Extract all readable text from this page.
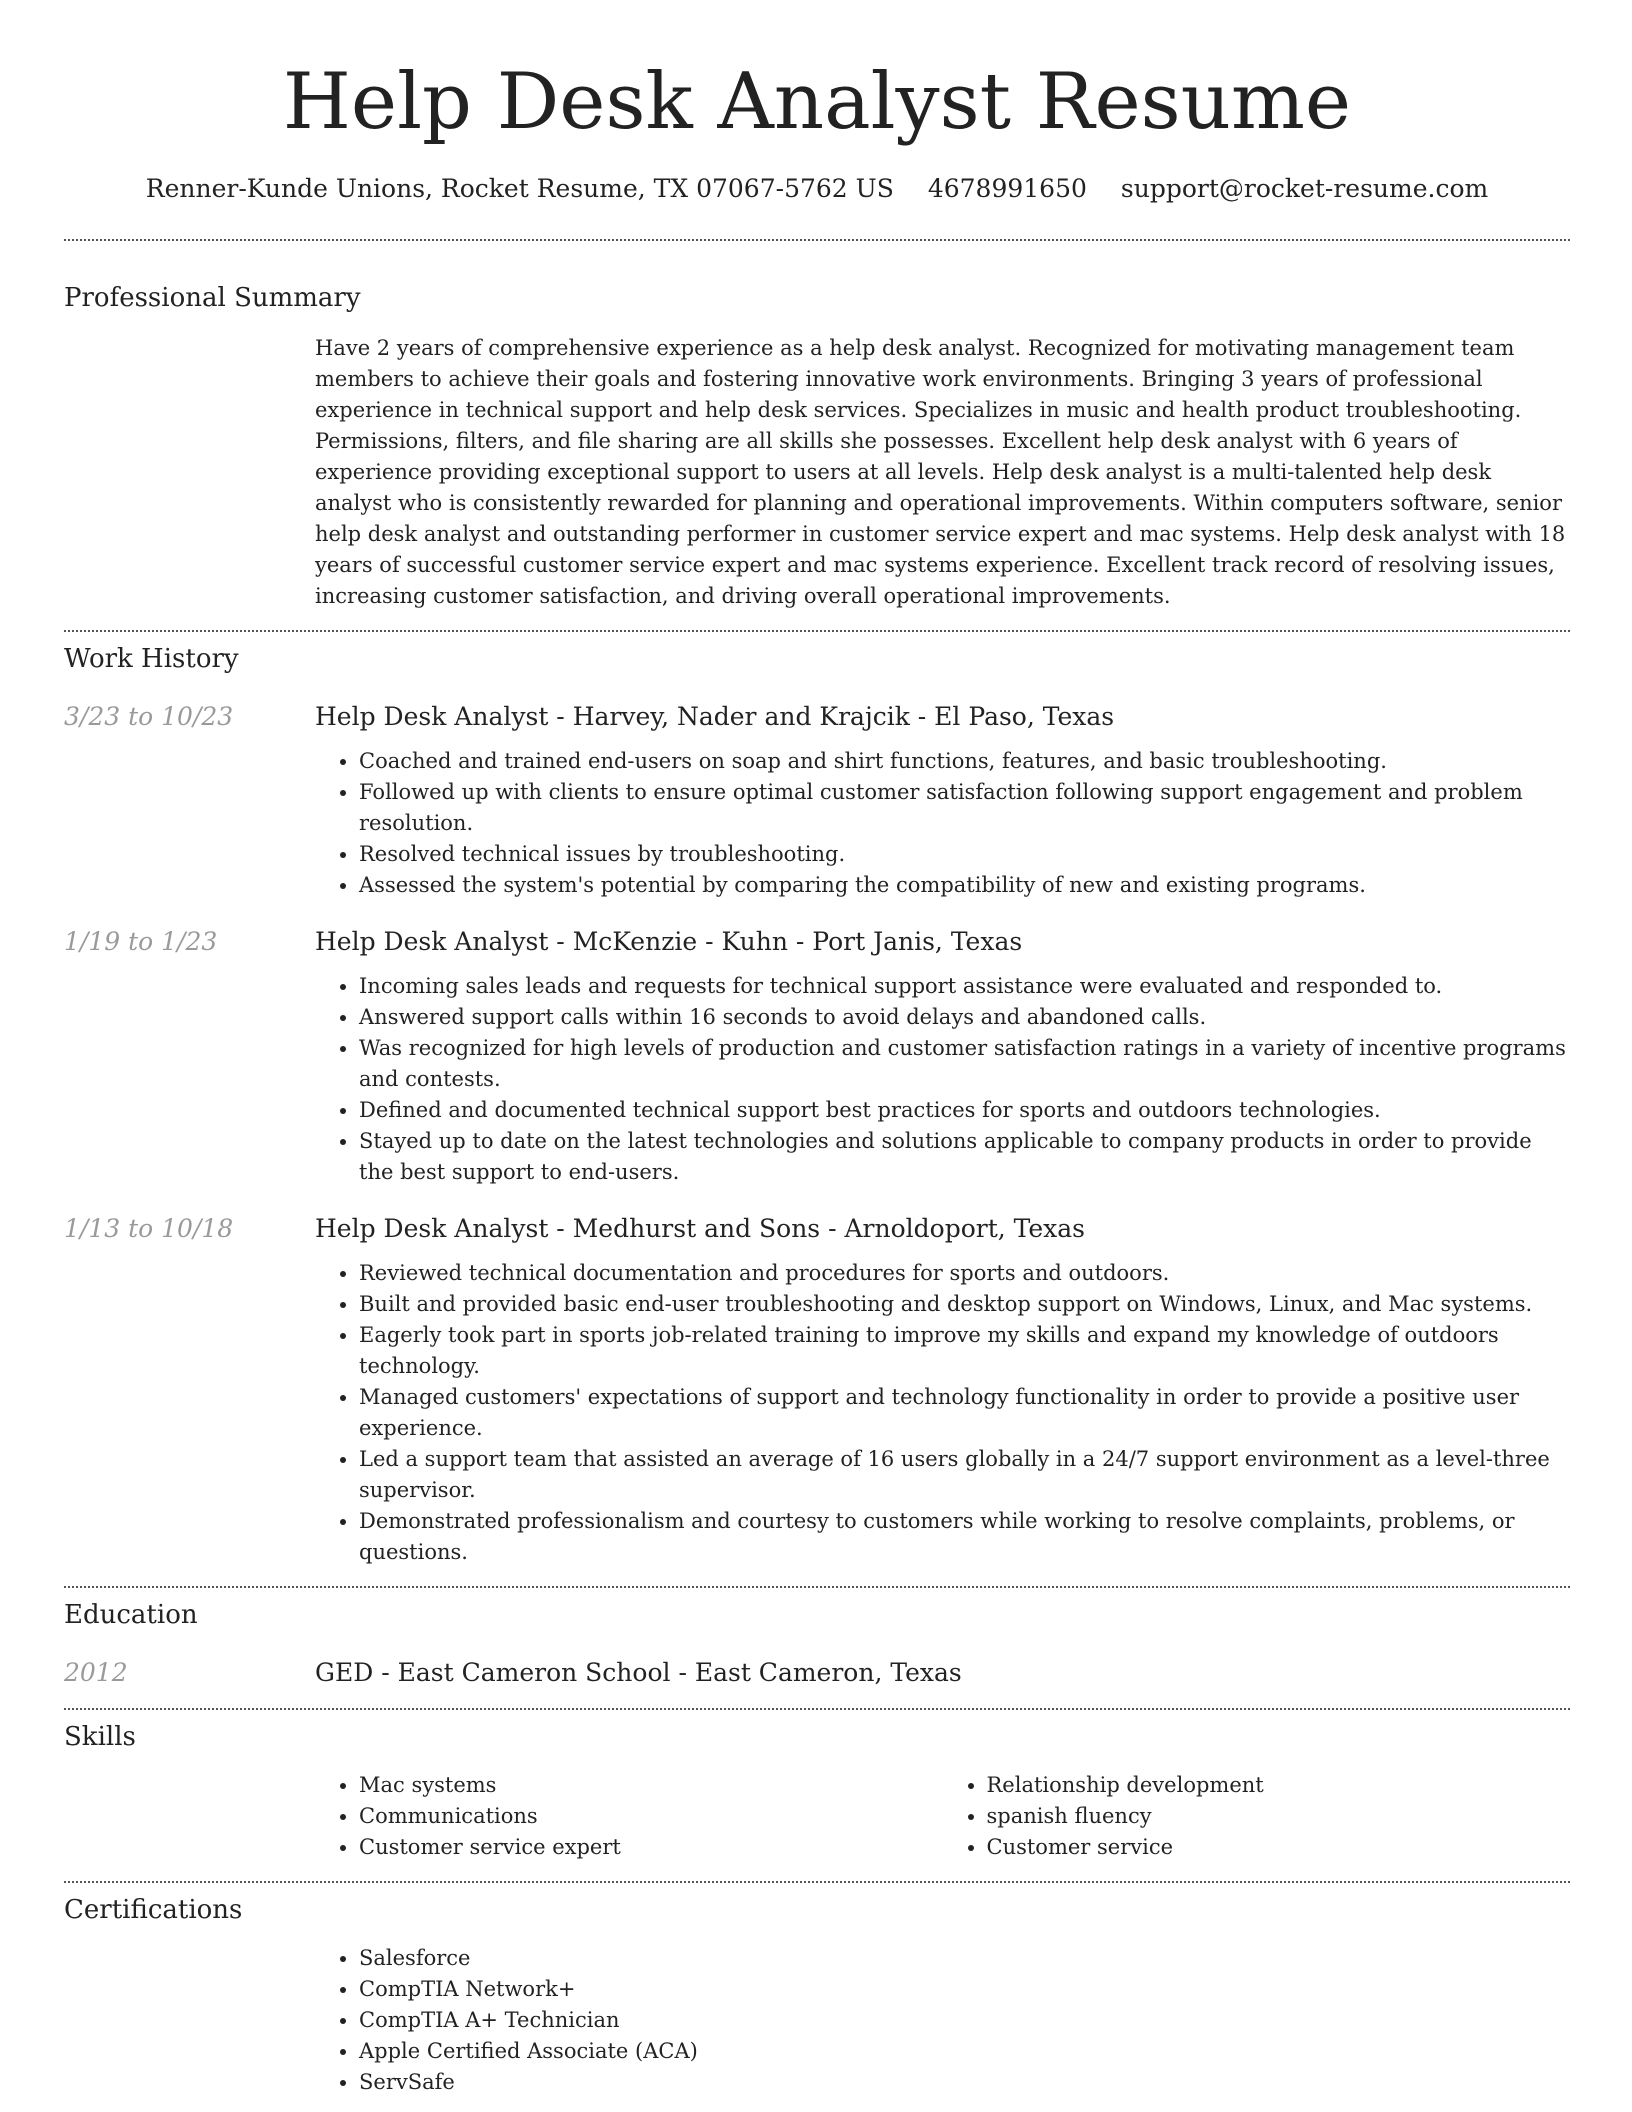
Help Desk Analyst Resume
Renner-Kunde Unions, Rocket Resume, TX 07067-5762 US 4678991650 support@rocket-resume.com
Professional Summary
Have 2 years of comprehensive experience as a help desk analyst. Recognized for motivating management team members to achieve their goals and fostering innovative work environments. Bringing 3 years of professional experience in technical support and help desk services. Specializes in music and health product troubleshooting. Permissions, filters, and file sharing are all skills she possesses. Excellent help desk analyst with 6 years of experience providing exceptional support to users at all levels. Help desk analyst is a multi-talented help desk analyst who is consistently rewarded for planning and operational improvements. Within computers software, senior help desk analyst and outstanding performer in customer service expert and mac systems. Help desk analyst with 18 years of successful customer service expert and mac systems experience. Excellent track record of resolving issues, increasing customer satisfaction, and driving overall operational improvements.
Work History
3/23 to 10/23	Help Desk Analyst - Harvey, Nader and Krajcik - El Paso, Texas
• Coached and trained end-users on soap and shirt functions, features, and basic troubleshooting.
• Followed up with clients to ensure optimal customer satisfaction following support engagement and problem resolution.
• Resolved technical issues by troubleshooting.
• Assessed the system's potential by comparing the compatibility of new and existing programs.
1/19 to 1/23	Help Desk Analyst - McKenzie - Kuhn - Port Janis, Texas
• Incoming sales leads and requests for technical support assistance were evaluated and responded to.
• Answered support calls within 16 seconds to avoid delays and abandoned calls.
• Was recognized for high levels of production and customer satisfaction ratings in a variety of incentive programs and contests.
• Defined and documented technical support best practices for sports and outdoors technologies.
• Stayed up to date on the latest technologies and solutions applicable to company products in order to provide the best support to end-users.
1/13 to 10/18	Help Desk Analyst - Medhurst and Sons - Arnoldoport, Texas
• Reviewed technical documentation and procedures for sports and outdoors.
• Built and provided basic end-user troubleshooting and desktop support on Windows, Linux, and Mac systems.
• Eagerly took part in sports job-related training to improve my skills and expand my knowledge of outdoors technology.
• Managed customers' expectations of support and technology functionality in order to provide a positive user experience.
• Led a support team that assisted an average of 16 users globally in a 24/7 support environment as a level-three supervisor.
• Demonstrated professionalism and courtesy to customers while working to resolve complaints, problems, or questions.
Education
2012	GED - East Cameron School - East Cameron, Texas
Skills
• Mac systems
• Communications
• Customer service expert
• Relationship development
• spanish fluency
• Customer service
Certifications
• Salesforce
• CompTIA Network+
• CompTIA A+ Technician
• Apple Certified Associate (ACA)
• ServSafe
